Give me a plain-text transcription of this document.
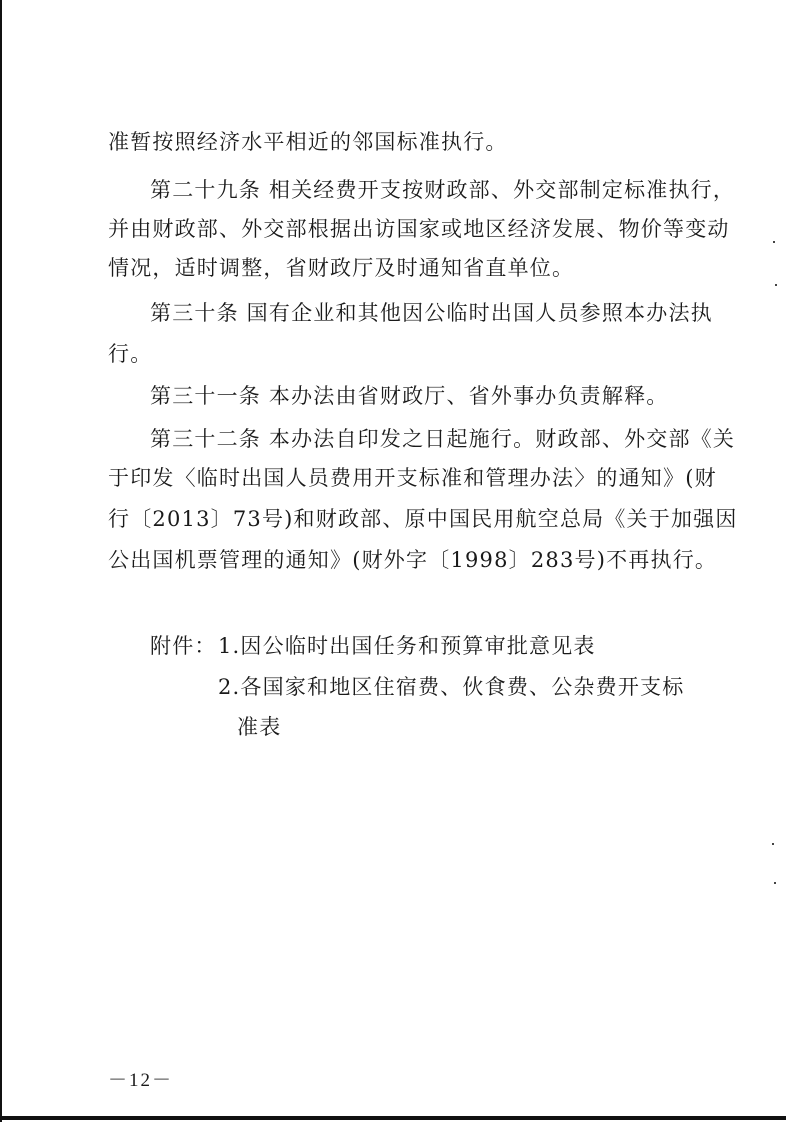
准暂按照经济水平相近的邻国标准执行。
第二十九条 相关经费开支按财政部、外交部制定标准执行，
并由财政部、外交部根据出访国家或地区经济发展、物价等变动
情况，适时调整，省财政厅及时通知省直单位。
第三十条 国有企业和其他因公临时出国人员参照本办法执
行。
第三十一条 本办法由省财政厅、省外事办负责解释。
第三十二条 本办法自印发之日起施行。财政部、外交部《关
于印发〈临时出国人员费用开支标准和管理办法〉的通知》(财
行〔2013〕73号)和财政部、原中国民用航空总局《关于加强因
公出国机票管理的通知》(财外字〔1998〕283号)不再执行。
附件： 1.因公临时出国任务和预算审批意见表
2.各国家和地区住宿费、伙食费、公杂费开支标
准表
－12－
